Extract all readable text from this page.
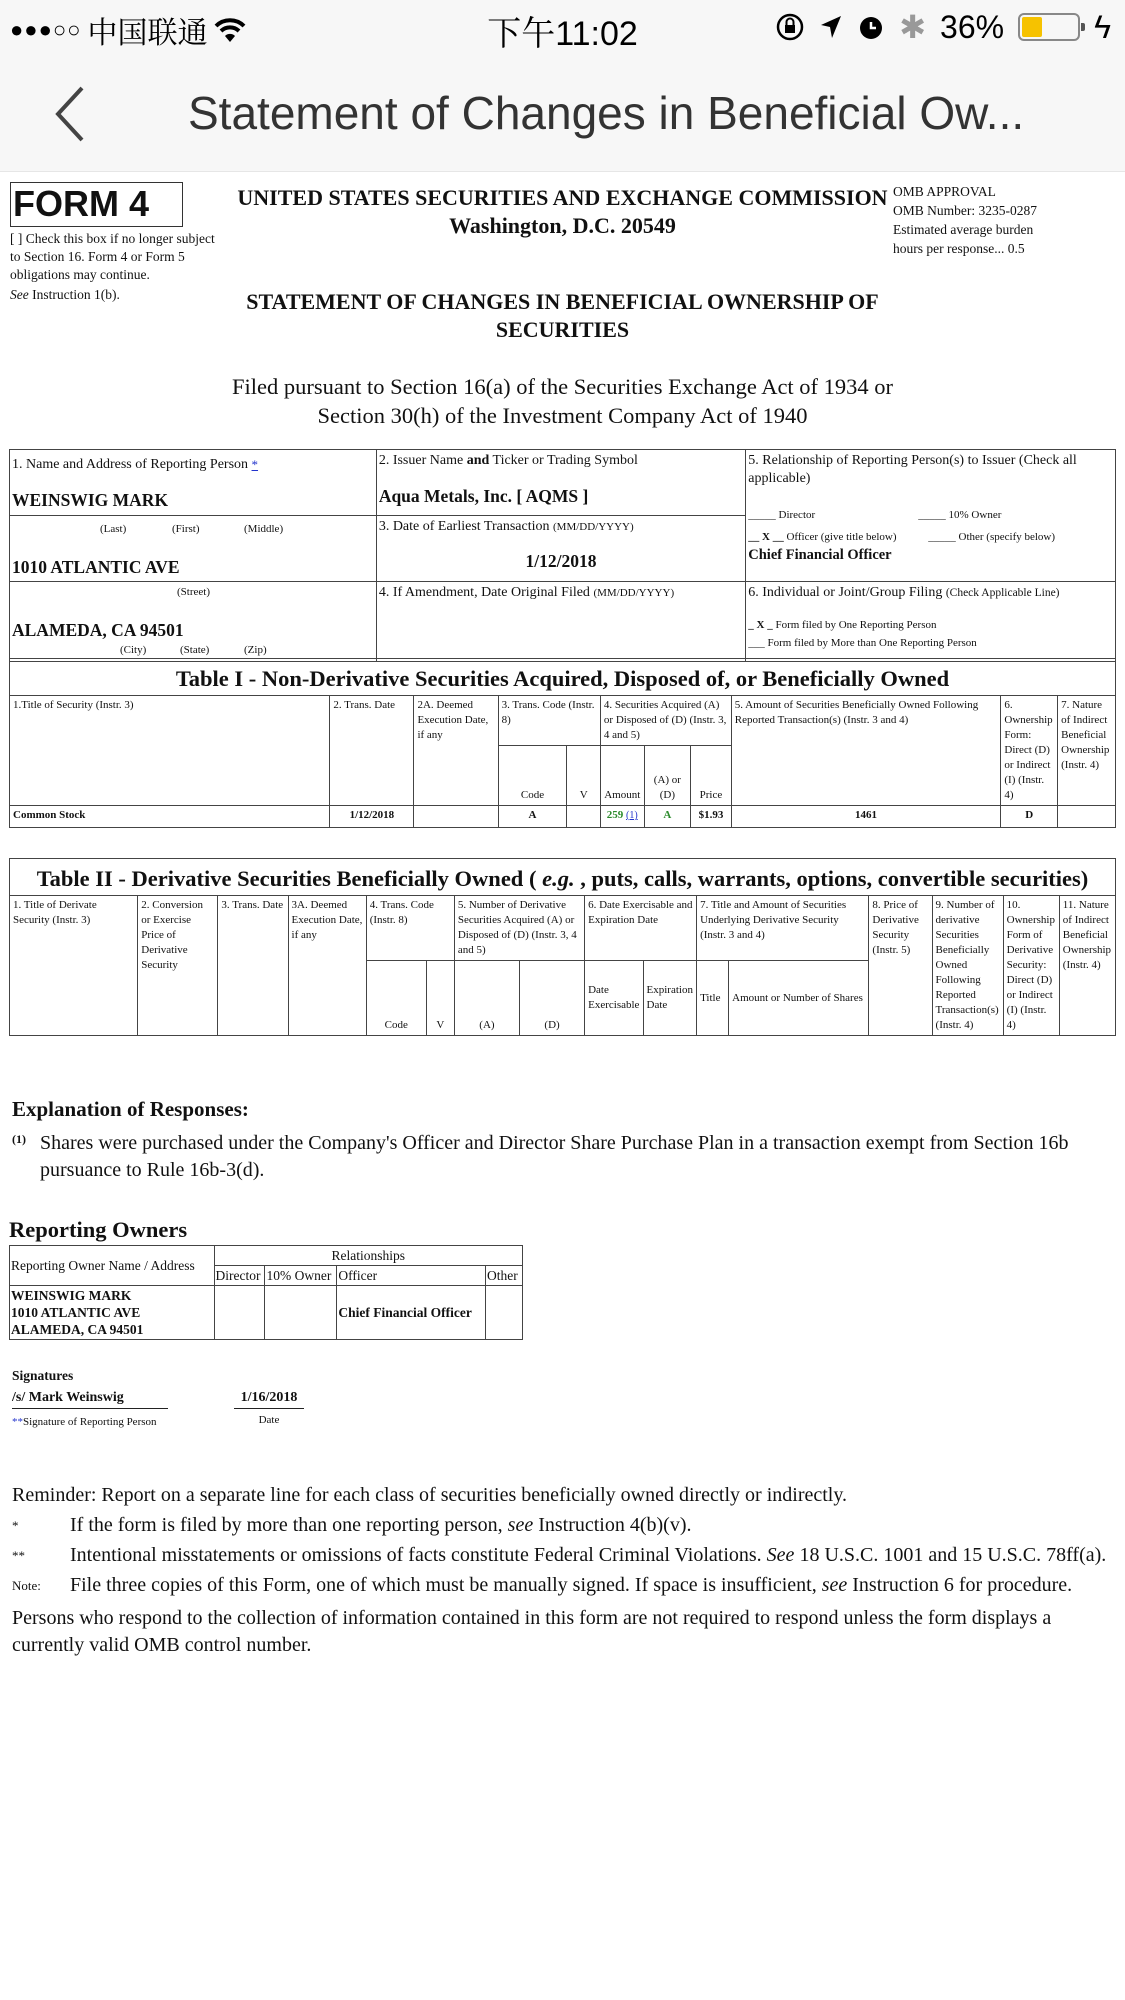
●●●○○ 中国联通	下午11:02	✱ 36%	ϟ
Statement of Changes in Beneficial Ow...
FORM 4
[ ] Check this box if no longer subject to Section 16. Form 4 or Form 5 obligations may continue.
See Instruction 1(b).
UNITED STATES SECURITIES AND EXCHANGE COMMISSION
Washington, D.C. 20549
STATEMENT OF CHANGES IN BENEFICIAL OWNERSHIP OF SECURITIES
OMB APPROVAL
OMB Number: 3235-0287
Estimated average burden
hours per response... 0.5
Filed pursuant to Section 16(a) of the Securities Exchange Act of 1934 or Section 30(h) of the Investment Company Act of 1940
1. Name and Address of Reporting Person *
WEINSWIG MARK

2. Issuer Name and Ticker or Trading Symbol
Aqua Metals, Inc. [ AQMS ]

5. Relationship of Reporting Person(s) to Issuer (Check all applicable)
_____ Director	_____ 10% Owner
__ X __ Officer (give title below)	_____ Other (specify below)
Chief Financial Officer

(Last)	(First)	(Middle)
1010 ATLANTIC AVE

3. Date of Earliest Transaction (MM/DD/YYYY)
1/12/2018

(Street)
ALAMEDA, CA 94501
(City)	(State)	(Zip)

4. If Amendment, Date Original Filed (MM/DD/YYYY)	6. Individual or Joint/Group Filing (Check Applicable Line)
_ X _ Form filed by One Reporting Person
___ Form filed by More than One Reporting Person
Table I - Non-Derivative Securities Acquired, Disposed of, or Beneficially Owned										
1.Title of Security (Instr. 3)	2. Trans. Date	2A. Deemed Execution Date, if any	3. Trans. Code (Instr. 8)		4. Securities Acquired (A) or Disposed of (D) (Instr. 3, 4 and 5)			5. Amount of Securities Beneficially Owned Following Reported Transaction(s) (Instr. 3 and 4)	6. Ownership Form: Direct (D) or Indirect (I) (Instr. 4)	7. Nature of Indirect Beneficial Ownership (Instr. 4)
			Code	V	Amount	(A) or (D)	Price			
Common Stock	1/12/2018		A		259 (1)	A	$1.93	1461	D	
Table II - Derivative Securities Beneficially Owned ( e.g. , puts, calls, warrants, options, convertible securities)															
1. Title of Derivate Security (Instr. 3)	2. Conversion or Exercise Price of Derivative Security	3. Trans. Date	3A. Deemed Execution Date, if any	4. Trans. Code (Instr. 8)		5. Number of Derivative Securities Acquired (A) or Disposed of (D) (Instr. 3, 4 and 5)		6. Date Exercisable and Expiration Date		7. Title and Amount of Securities Underlying Derivative Security (Instr. 3 and 4)		8. Price of Derivative Security (Instr. 5)	9. Number of derivative Securities Beneficially Owned Following Reported Transaction(s) (Instr. 4)	10. Ownership Form of Derivative Security: Direct (D) or Indirect (I) (Instr. 4)	11. Nature of Indirect Beneficial Ownership (Instr. 4)
				Code	V	(A)	(D)	Date Exercisable	Expiration Date	Title	Amount or Number of Shares				
Explanation of Responses:
(1) Shares were purchased under the Company's Officer and Director Share Purchase Plan in a transaction exempt from Section 16b pursuance to Rule 16b-3(d).
Reporting Owners
Reporting Owner Name / Address	Relationships			
	Director	10% Owner	Officer	Other

WEINSWIG MARK
1010 ATLANTIC AVE
ALAMEDA, CA 94501			Chief Financial Officer	
Signatures
/s/ Mark Weinswig	1/16/2018
**Signature of Reporting Person	Date
Reminder: Report on a separate line for each class of securities beneficially owned directly or indirectly.
*	If the form is filed by more than one reporting person, see Instruction 4(b)(v).
**	Intentional misstatements or omissions of facts constitute Federal Criminal Violations. See 18 U.S.C. 1001 and 15 U.S.C. 78ff(a).
Note:	File three copies of this Form, one of which must be manually signed. If space is insufficient, see Instruction 6 for procedure.
Persons who respond to the collection of information contained in this form are not required to respond unless the form displays a currently valid OMB control number.
